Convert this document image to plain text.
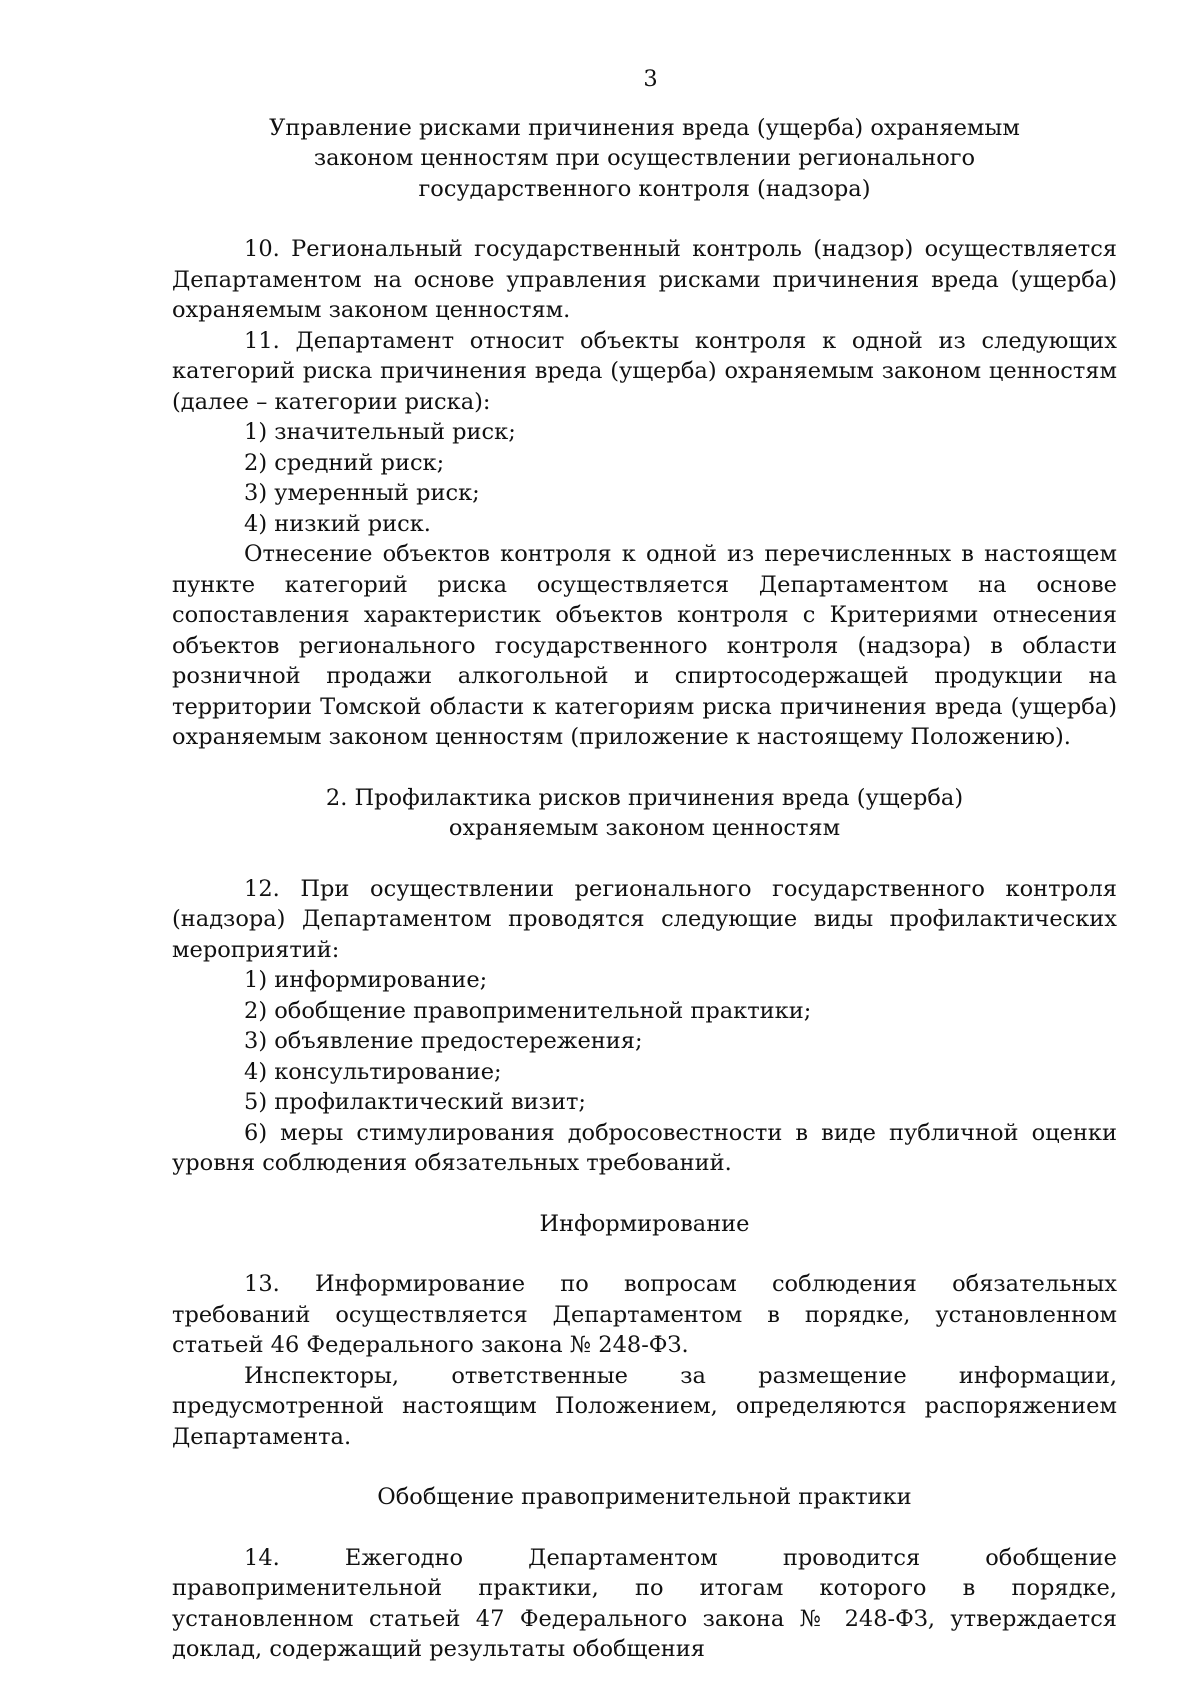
3
Управление рисками причинения вреда (ущерба) охраняемым
законом ценностям при осуществлении регионального
государственного контроля (надзора)

10. Региональный государственный контроль (надзор) осуществляется Департаментом на основе управления рисками причинения вреда (ущерба) охраняемым законом ценностям.

11. Департамент относит объекты контроля к одной из следующих категорий риска причинения вреда (ущерба) охраняемым законом ценностям (далее – категории риска):

1) значительный риск;

2) средний риск;

3) умеренный риск;

4) низкий риск.

Отнесение объектов контроля к одной из перечисленных в настоящем пункте категорий риска осуществляется Департаментом на основе сопоставления характеристик объектов контроля с Критериями отнесения объектов регионального государственного контроля (надзора) в области розничной продажи алкогольной и спиртосодержащей продукции на территории Томской области к категориям риска причинения вреда (ущерба) охраняемым законом ценностям (приложение к настоящему Положению).

2. Профилактика рисков причинения вреда (ущерба)
охраняемым законом ценностям

12. При осуществлении регионального государственного контроля (надзора) Департаментом проводятся следующие виды профилактических мероприятий:

1) информирование;

2) обобщение правоприменительной практики;

3) объявление предостережения;

4) консультирование;

5) профилактический визит;

6) меры стимулирования добросовестности в виде публичной оценки уровня соблюдения обязательных требований.

Информирование

13. Информирование по вопросам соблюдения обязательных требований осуществляется Департаментом в порядке, установленном статьей 46 Федерального закона № 248-ФЗ.

Инспекторы, ответственные за размещение информации, предусмотренной настоящим Положением, определяются распоряжением Департамента.

Обобщение правоприменительной практики

14. Ежегодно Департаментом проводится обобщение правоприменительной практики, по итогам которого в порядке, установленном статьей 47 Федерального закона № 248-ФЗ, утверждается доклад, содержащий результаты обобщения
